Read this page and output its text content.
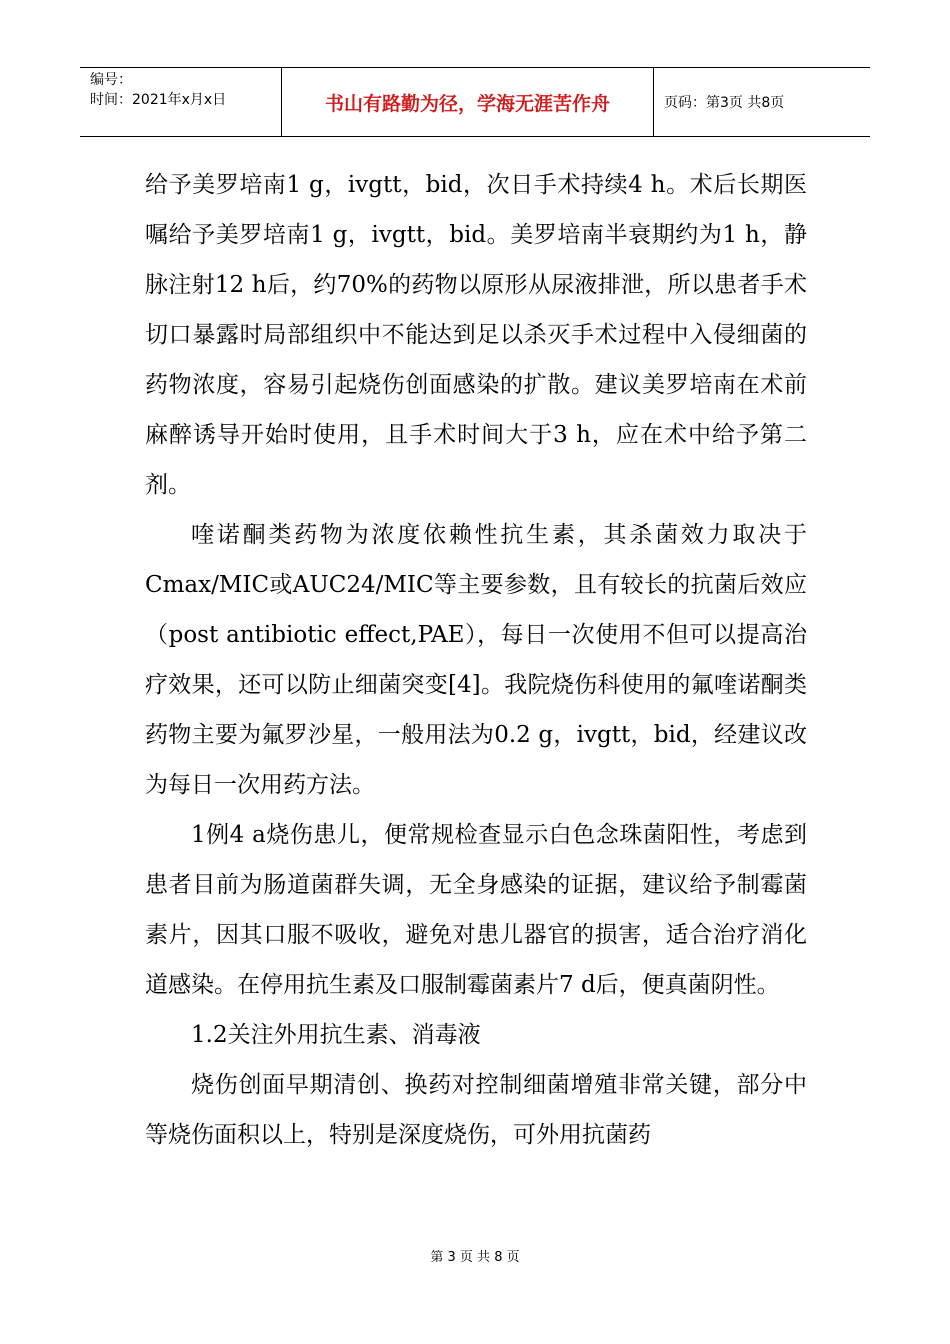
编号：
时间：2021年x月x日	书山有路勤为径，学海无涯苦作舟	页码：第3页 共8页

给予美罗培南1 g，ivgtt，bid，次日手术持续4 h。术后长期医嘱给予美罗培南1 g，ivgtt，bid。美罗培南半衰期约为1 h，静脉注射12 h后，约70%的药物以原形从尿液排泄，所以患者手术切口暴露时局部组织中不能达到足以杀灭手术过程中入侵细菌的药物浓度，容易引起烧伤创面感染的扩散。建议美罗培南在术前麻醉诱导开始时使用，且手术时间大于3 h，应在术中给予第二剂。

喹诺酮类药物为浓度依赖性抗生素，其杀菌效力取决于Cmax/MIC或AUC24/MIC等主要参数，且有较长的抗菌后效应（post antibiotic effect,PAE），每日一次使用不但可以提高治疗效果，还可以防止细菌突变[4]。我院烧伤科使用的氟喹诺酮类药物主要为氟罗沙星，一般用法为0.2 g，ivgtt，bid，经建议改为每日一次用药方法。

1例4 a烧伤患儿，便常规检查显示白色念珠菌阳性，考虑到患者目前为肠道菌群失调，无全身感染的证据，建议给予制霉菌素片，因其口服不吸收，避免对患儿器官的损害，适合治疗消化道感染。在停用抗生素及口服制霉菌素片7 d后，便真菌阴性。

1.2关注外用抗生素、消毒液

烧伤创面早期清创、换药对控制细菌增殖非常关键，部分中等烧伤面积以上，特别是深度烧伤，可外用抗菌药

第 3 页 共 8 页
